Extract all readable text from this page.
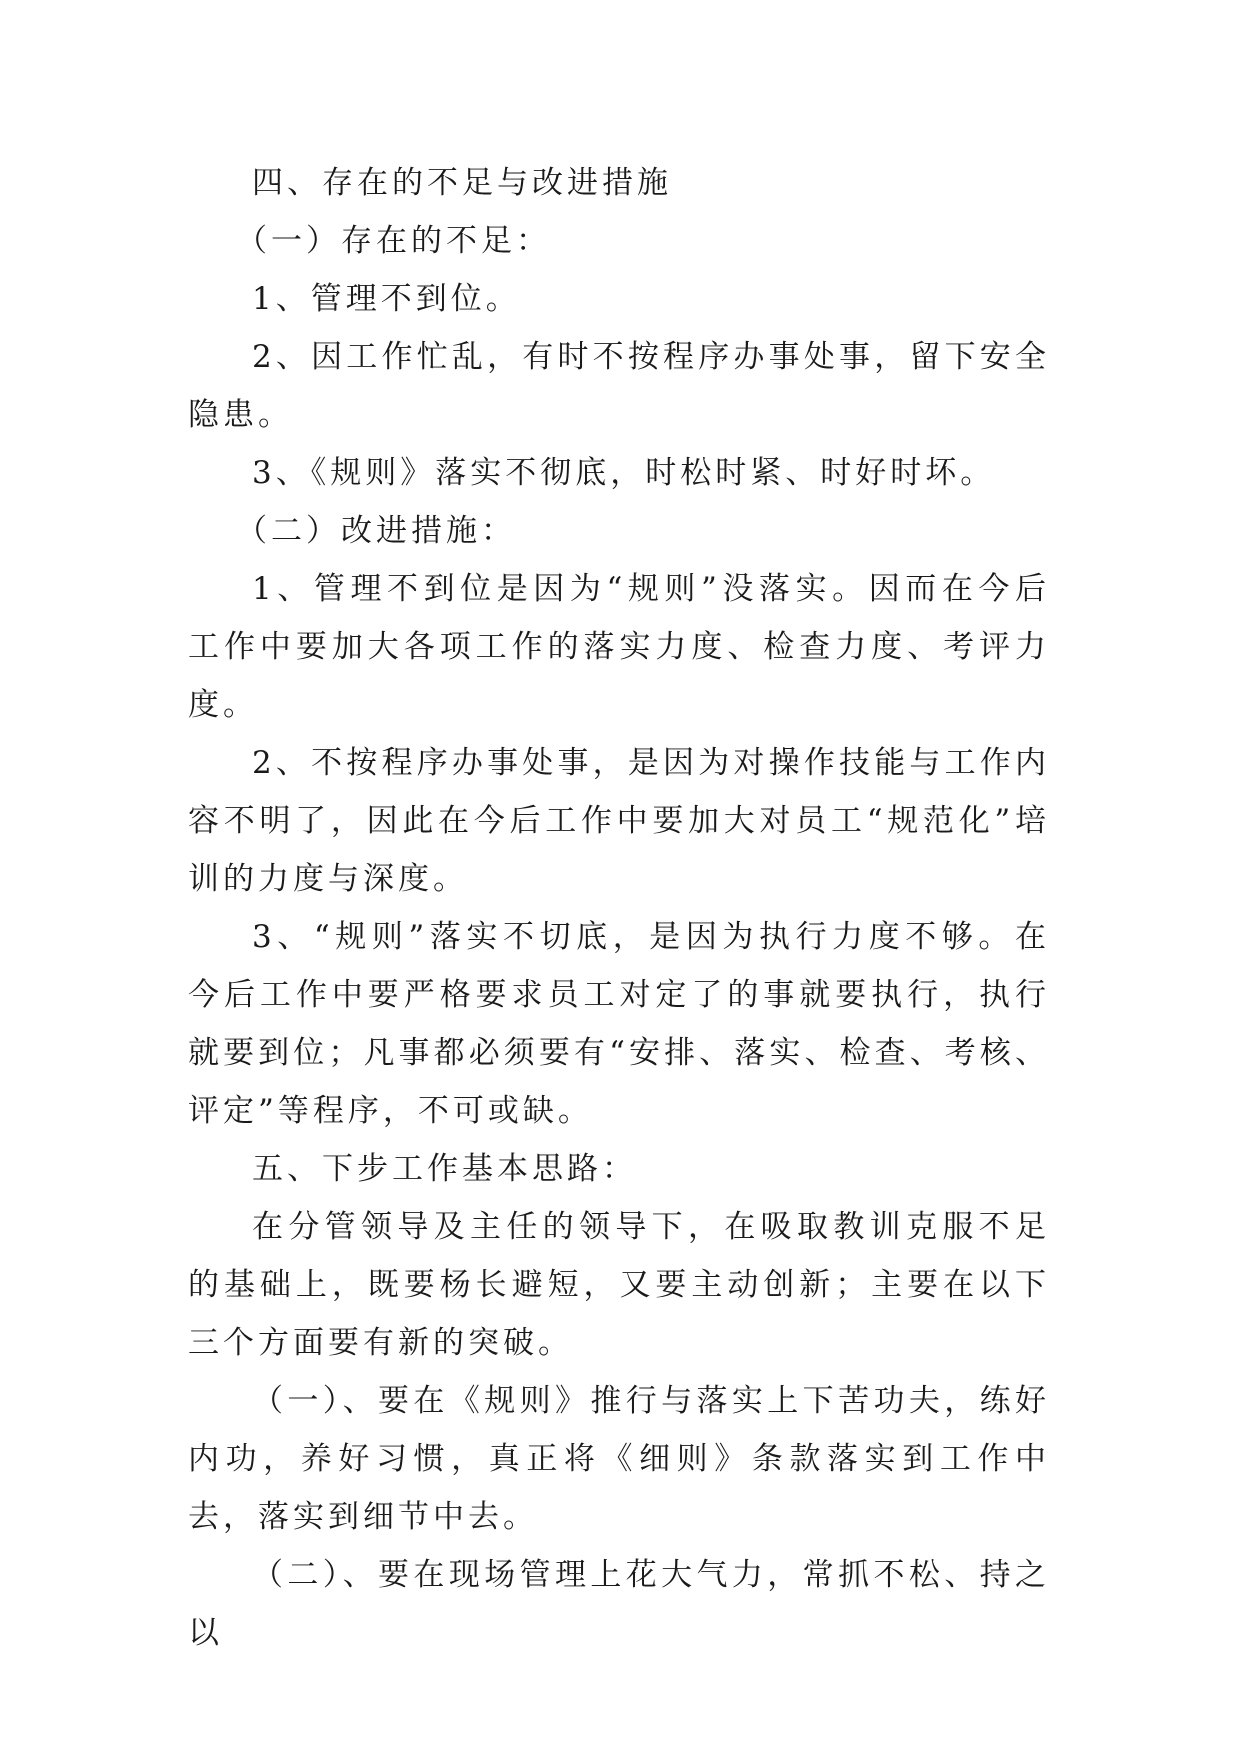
四、存在的不足与改进措施

（一）存在的不足：

1、管理不到位。

2、因工作忙乱，有时不按程序办事处事，留下安全隐患。

3、《规则》落实不彻底，时松时紧、时好时坏。

（二）改进措施：

1、管理不到位是因为“规则”没落实。因而在今后工作中要加大各项工作的落实力度、检查力度、考评力度。

2、不按程序办事处事，是因为对操作技能与工作内容不明了，因此在今后工作中要加大对员工“规范化”培训的力度与深度。

3、“规则”落实不切底，是因为执行力度不够。在今后工作中要严格要求员工对定了的事就要执行，执行就要到位；凡事都必须要有“安排、落实、检查、考核、评定”等程序，不可或缺。

五、下步工作基本思路：

在分管领导及主任的领导下，在吸取教训克服不足的基础上，既要杨长避短，又要主动创新；主要在以下三个方面要有新的突破。

（一）、要在《规则》推行与落实上下苦功夫，练好内功，养好习惯，真正将《细则》条款落实到工作中去，落实到细节中去。

（二）、要在现场管理上花大气力，常抓不松、持之以
